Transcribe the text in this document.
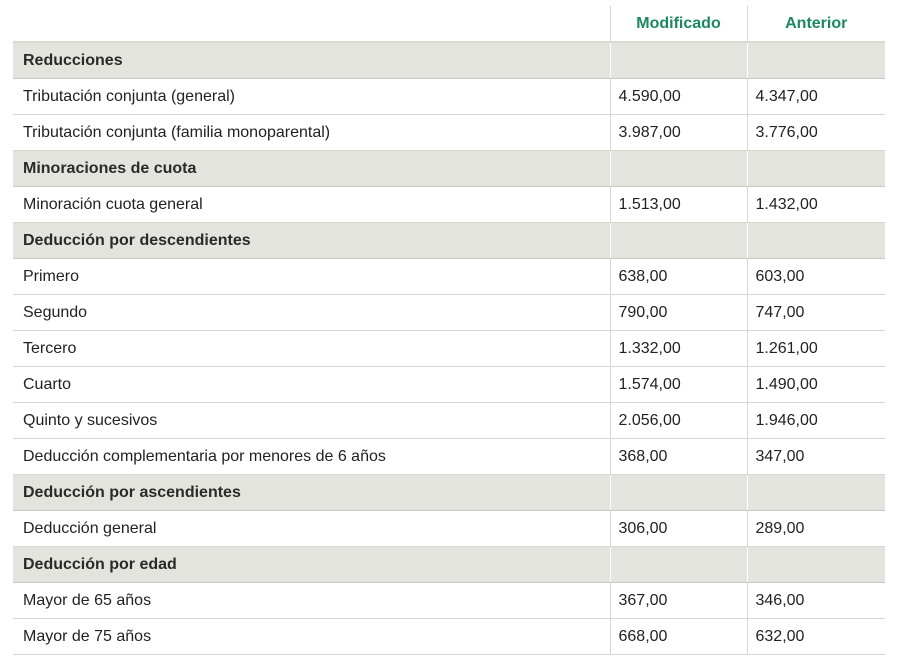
	Modificado	Anterior
Reducciones		
Tributación conjunta (general)	4.590,00	4.347,00
Tributación conjunta (familia monoparental)	3.987,00	3.776,00
Minoraciones de cuota		
Minoración cuota general	1.513,00	1.432,00
Deducción por descendientes		
Primero	638,00	603,00
Segundo	790,00	747,00
Tercero	1.332,00	1.261,00
Cuarto	1.574,00	1.490,00
Quinto y sucesivos	2.056,00	1.946,00
Deducción complementaria por menores de 6 años	368,00	347,00
Deducción por ascendientes		
Deducción general	306,00	289,00
Deducción por edad		
Mayor de 65 años	367,00	346,00
Mayor de 75 años	668,00	632,00
